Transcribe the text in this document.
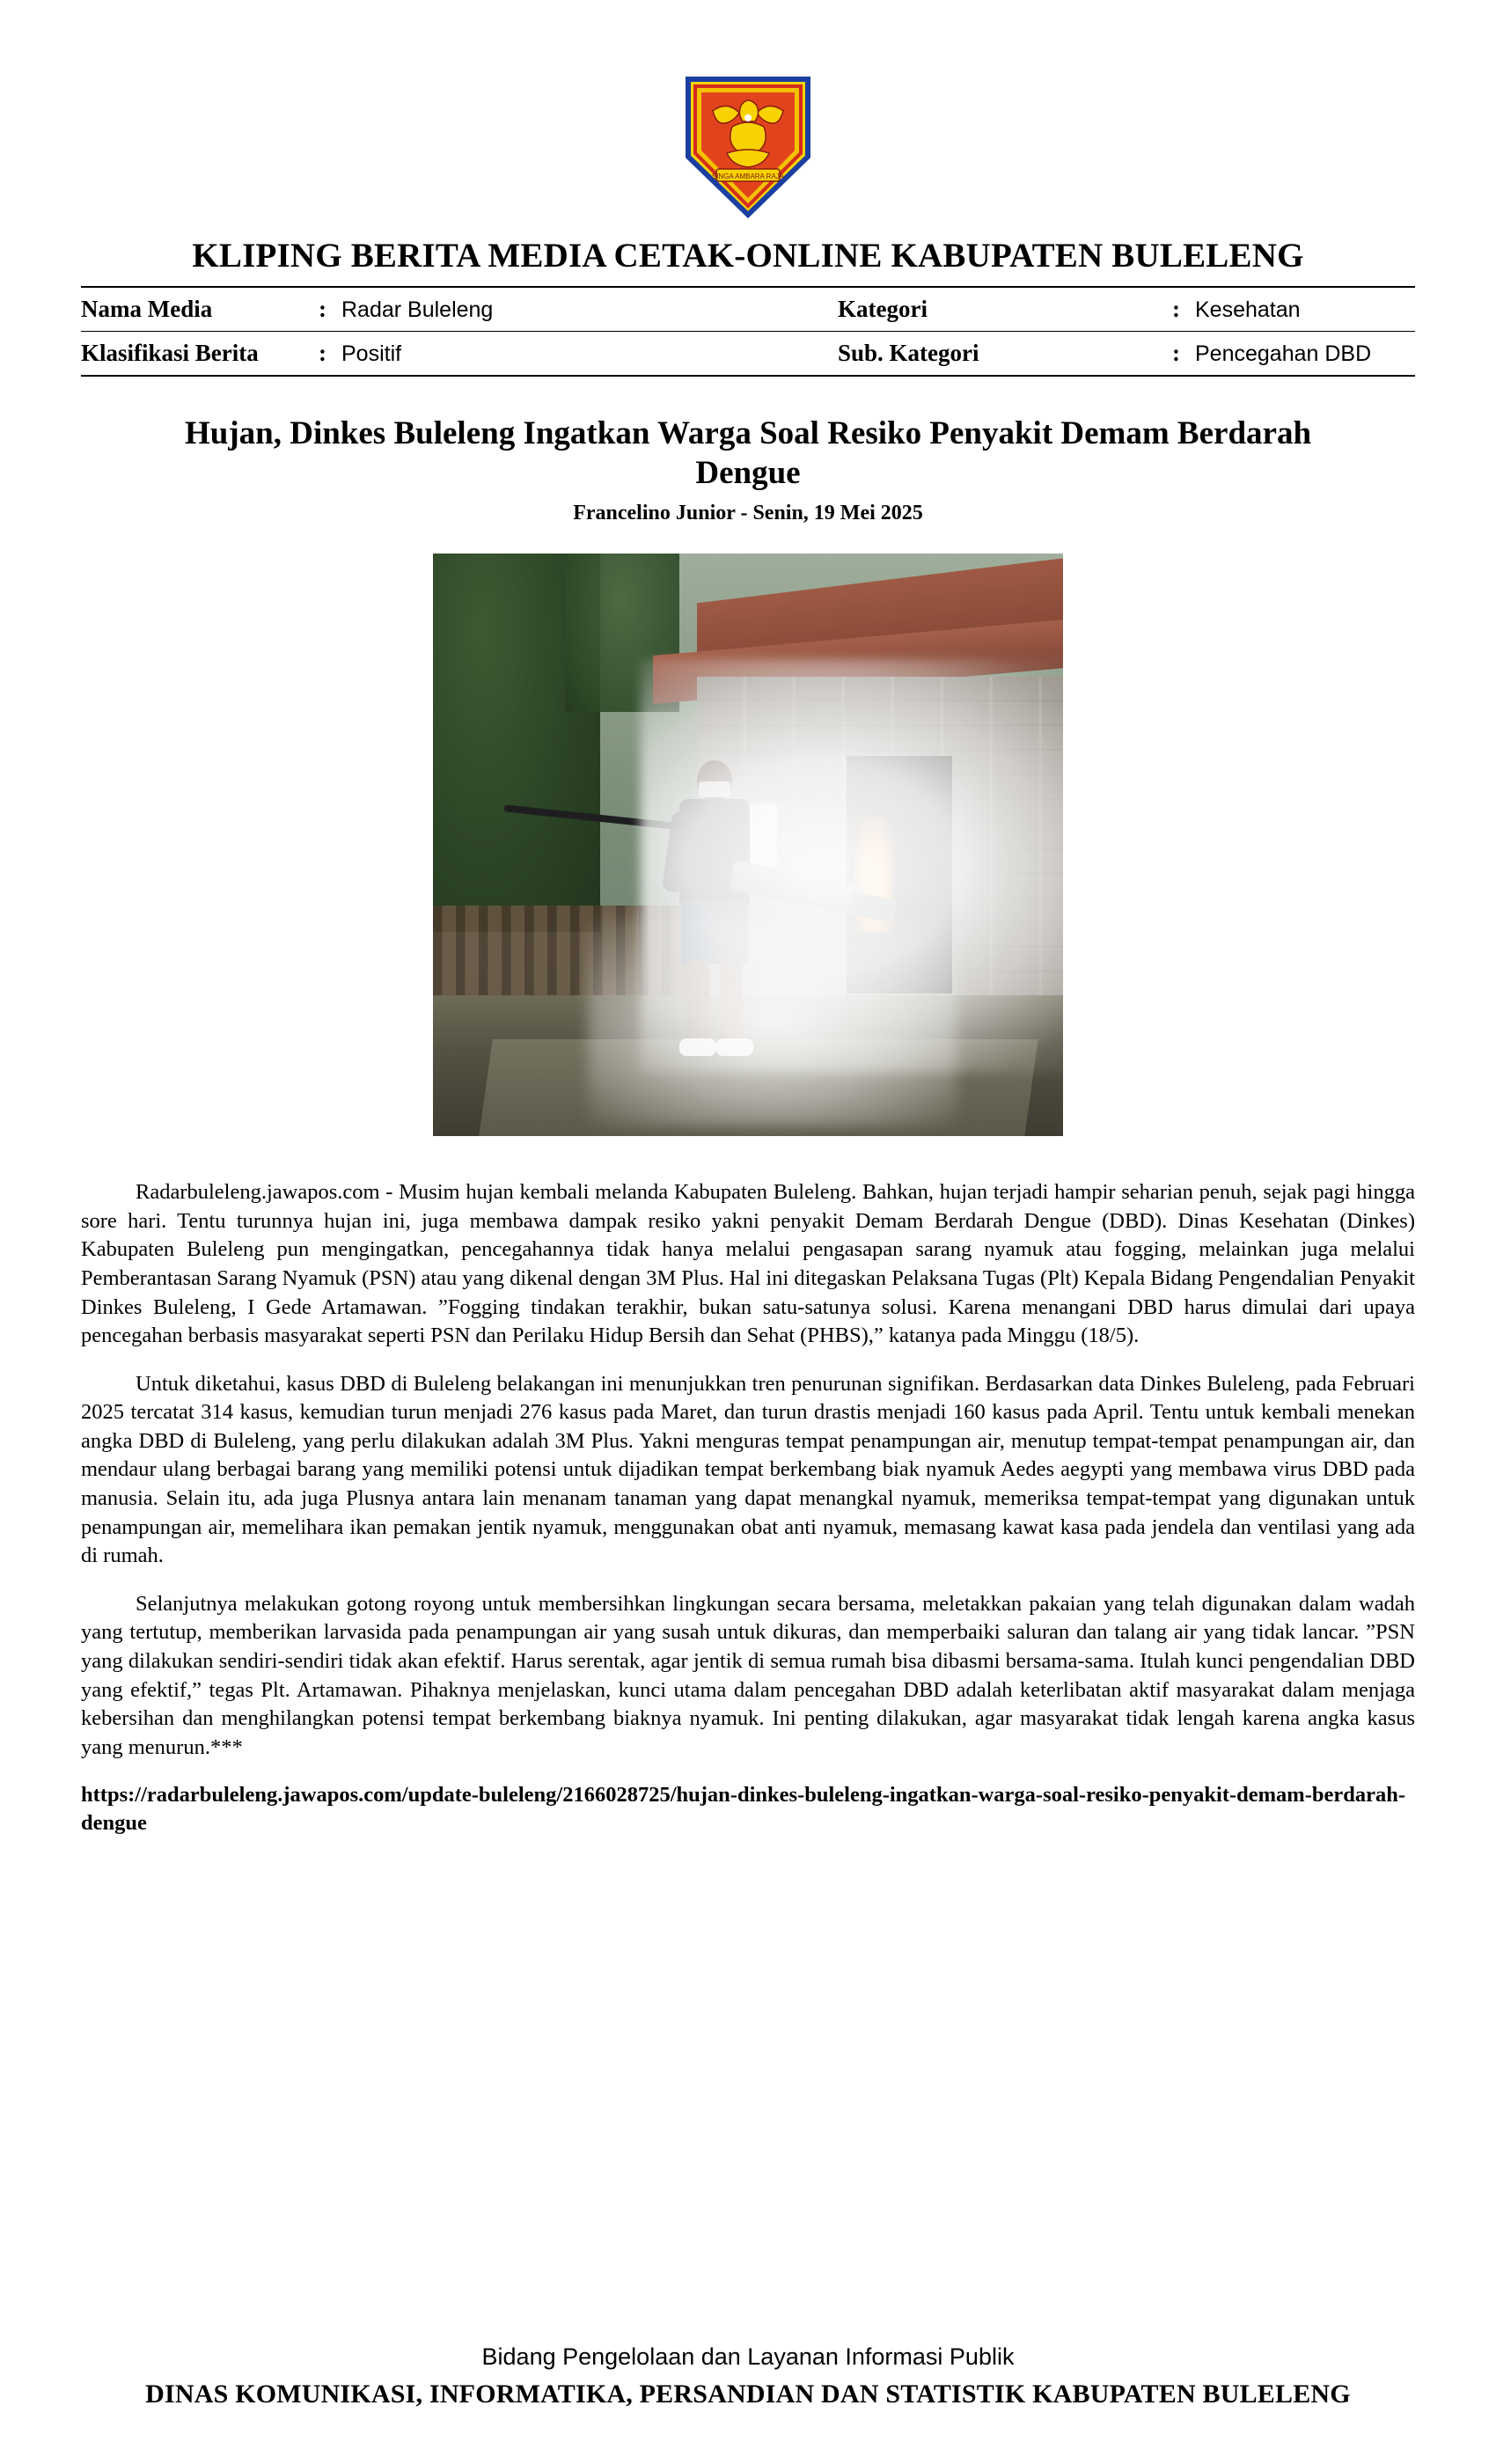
SINGA AMBARA RAJA
KLIPING BERITA MEDIA CETAK-ONLINE KABUPATEN BULELENG
Nama Media	:	Radar Buleleng	Kategori	:	Kesehatan
Klasifikasi Berita	:	Positif	Sub. Kategori	:	Pencegahan DBD
Hujan, Dinkes Buleleng Ingatkan Warga Soal Resiko Penyakit Demam Berdarah Dengue
Francelino Junior - Senin, 19 Mei 2025

Radarbuleleng.jawapos.com - Musim hujan kembali melanda Kabupaten Buleleng. Bahkan, hujan terjadi hampir seharian penuh, sejak pagi hingga sore hari. Tentu turunnya hujan ini, juga membawa dampak resiko yakni penyakit Demam Berdarah Dengue (DBD). Dinas Kesehatan (Dinkes) Kabupaten Buleleng pun mengingatkan, pencegahannya tidak hanya melalui pengasapan sarang nyamuk atau fogging, melainkan juga melalui Pemberantasan Sarang Nyamuk (PSN) atau yang dikenal dengan 3M Plus. Hal ini ditegaskan Pelaksana Tugas (Plt) Kepala Bidang Pengendalian Penyakit Dinkes Buleleng, I Gede Artamawan. ”Fogging tindakan terakhir, bukan satu-satunya solusi. Karena menangani DBD harus dimulai dari upaya pencegahan berbasis masyarakat seperti PSN dan Perilaku Hidup Bersih dan Sehat (PHBS),” katanya pada Minggu (18/5).

Untuk diketahui, kasus DBD di Buleleng belakangan ini menunjukkan tren penurunan signifikan. Berdasarkan data Dinkes Buleleng, pada Februari 2025 tercatat 314 kasus, kemudian turun menjadi 276 kasus pada Maret, dan turun drastis menjadi 160 kasus pada April. Tentu untuk kembali menekan angka DBD di Buleleng, yang perlu dilakukan adalah 3M Plus. Yakni menguras tempat penampungan air, menutup tempat-tempat penampungan air, dan mendaur ulang berbagai barang yang memiliki potensi untuk dijadikan tempat berkembang biak nyamuk Aedes aegypti yang membawa virus DBD pada manusia. Selain itu, ada juga Plusnya antara lain menanam tanaman yang dapat menangkal nyamuk, memeriksa tempat-tempat yang digunakan untuk penampungan air, memelihara ikan pemakan jentik nyamuk, menggunakan obat anti nyamuk, memasang kawat kasa pada jendela dan ventilasi yang ada di rumah.

Selanjutnya melakukan gotong royong untuk membersihkan lingkungan secara bersama, meletakkan pakaian yang telah digunakan dalam wadah yang tertutup, memberikan larvasida pada penampungan air yang susah untuk dikuras, dan memperbaiki saluran dan talang air yang tidak lancar. ”PSN yang dilakukan sendiri-sendiri tidak akan efektif. Harus serentak, agar jentik di semua rumah bisa dibasmi bersama-sama. Itulah kunci pengendalian DBD yang efektif,” tegas Plt. Artamawan. Pihaknya menjelaskan, kunci utama dalam pencegahan DBD adalah keterlibatan aktif masyarakat dalam menjaga kebersihan dan menghilangkan potensi tempat berkembang biaknya nyamuk. Ini penting dilakukan, agar masyarakat tidak lengah karena angka kasus yang menurun.***

https://radarbuleleng.jawapos.com/update-buleleng/2166028725/hujan-dinkes-buleleng-ingatkan-warga-soal-resiko-penyakit-demam-berdarah-dengue
Bidang Pengelolaan dan Layanan Informasi Publik
DINAS KOMUNIKASI, INFORMATIKA, PERSANDIAN DAN STATISTIK KABUPATEN BULELENG
